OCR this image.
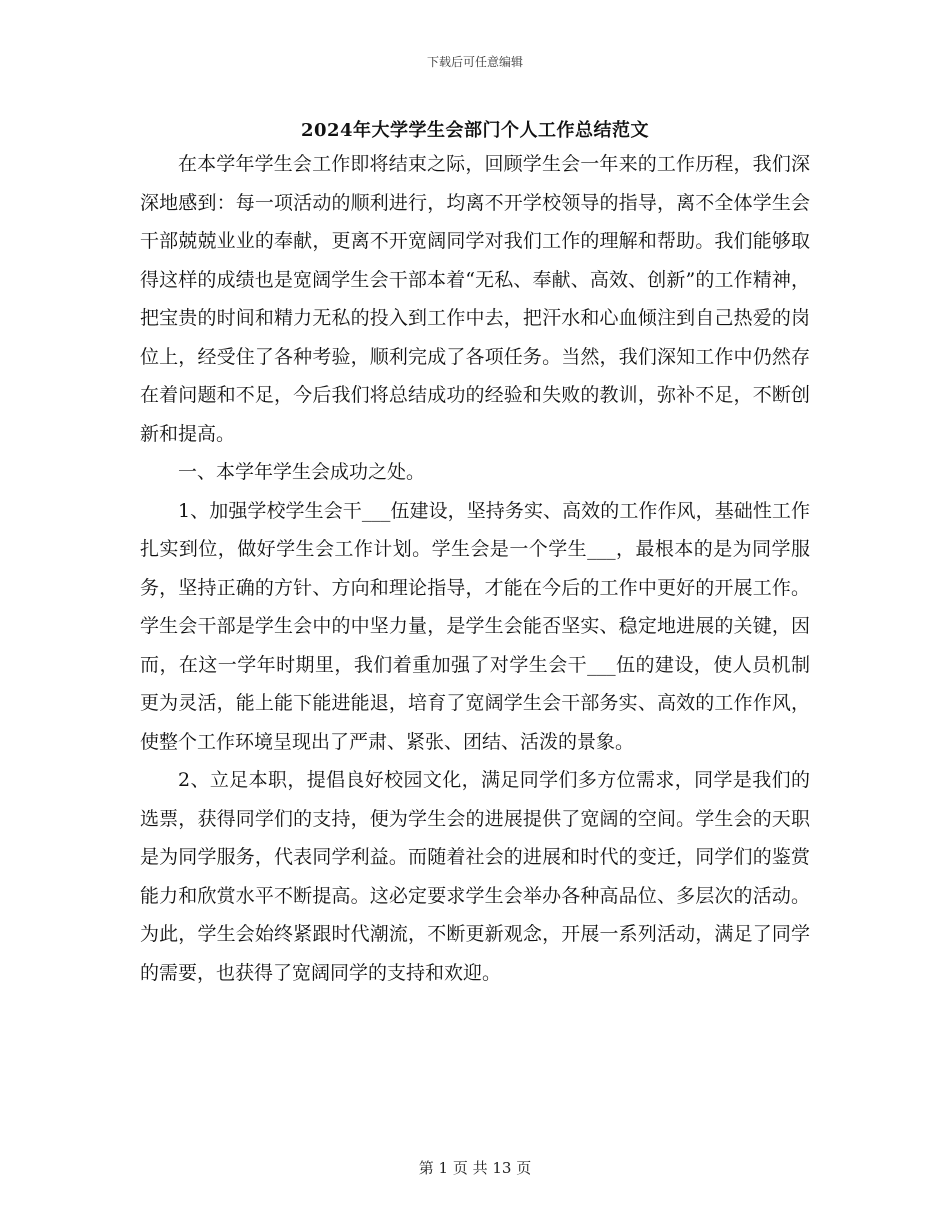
下载后可任意编辑
2024年大学学生会部门个人工作总结范文

在本学年学生会工作即将结束之际，回顾学生会一年来的工作历程，我们深深地感到：每一项活动的顺利进行，均离不开学校领导的指导，离不全体学生会干部兢兢业业的奉献，更离不开宽阔同学对我们工作的理解和帮助。我们能够取得这样的成绩也是宽阔学生会干部本着“无私、奉献、高效、创新”的工作精神，把宝贵的时间和精力无私的投入到工作中去，把汗水和心血倾注到自己热爱的岗位上，经受住了各种考验，顺利完成了各项任务。当然，我们深知工作中仍然存在着问题和不足，今后我们将总结成功的经验和失败的教训，弥补不足，不断创新和提高。

一、本学年学生会成功之处。

1、加强学校学生会干___伍建设，坚持务实、高效的工作作风，基础性工作扎实到位，做好学生会工作计划。学生会是一个学生___，最根本的是为同学服务，坚持正确的方针、方向和理论指导，才能在今后的工作中更好的开展工作。学生会干部是学生会中的中坚力量，是学生会能否坚实、稳定地进展的关键，因而，在这一学年时期里，我们着重加强了对学生会干___伍的建设，使人员机制更为灵活，能上能下能进能退，培育了宽阔学生会干部务实、高效的工作作风，使整个工作环境呈现出了严肃、紧张、团结、活泼的景象。

2、立足本职，提倡良好校园文化，满足同学们多方位需求，同学是我们的选票，获得同学们的支持，便为学生会的进展提供了宽阔的空间。学生会的天职是为同学服务，代表同学利益。而随着社会的进展和时代的变迁，同学们的鉴赏能力和欣赏水平不断提高。这必定要求学生会举办各种高品位、多层次的活动。为此，学生会始终紧跟时代潮流，不断更新观念，开展一系列活动，满足了同学的需要，也获得了宽阔同学的支持和欢迎。

第 1 页 共 13 页
